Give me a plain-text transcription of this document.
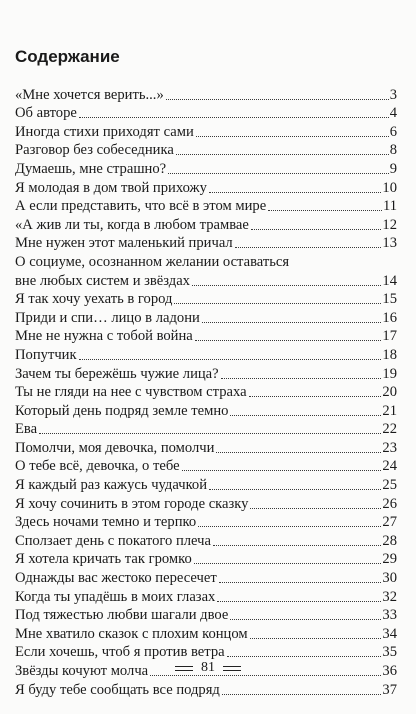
Содержание
«Мне хочется верить...»	3
Об авторе	4
Иногда стихи приходят сами	6
Разговор без собеседника	8
Думаешь, мне страшно?	9
Я молодая в дом твой прихожу	10
А если представить, что всё в этом мире	11
«А жив ли ты, когда в любом трамвае	12
Мне нужен этот маленький причал	13
О социуме, осознанном желании оставаться
вне любых систем и звёздах	14
Я так хочу уехать в город	15
Приди и спи… лицо в ладони	16
Мне не нужна с тобой война	17
Попутчик	18
Зачем ты бережёшь чужие лица?	19
Ты не гляди на нее с чувством страха	20
Который день подряд земле темно	21
Ева	22
Помолчи, моя девочка, помолчи	23
О тебе всё, девочка, о тебе	24
Я каждый раз кажусь чудачкой	25
Я хочу сочинить в этом городе сказку	26
Здесь ночами темно и терпко	27
Сползает день с покатого плеча	28
Я хотела кричать так громко	29
Однажды вас жестоко пересечет	30
Когда ты упадёшь в моих глазах	32
Под тяжестью любви шагали двое	33
Мне хватило сказок с плохим концом	34
Если хочешь, чтоб я против ветра	35
Звёзды кочуют молча	36
Я буду тебе сообщать все подряд	37
81
